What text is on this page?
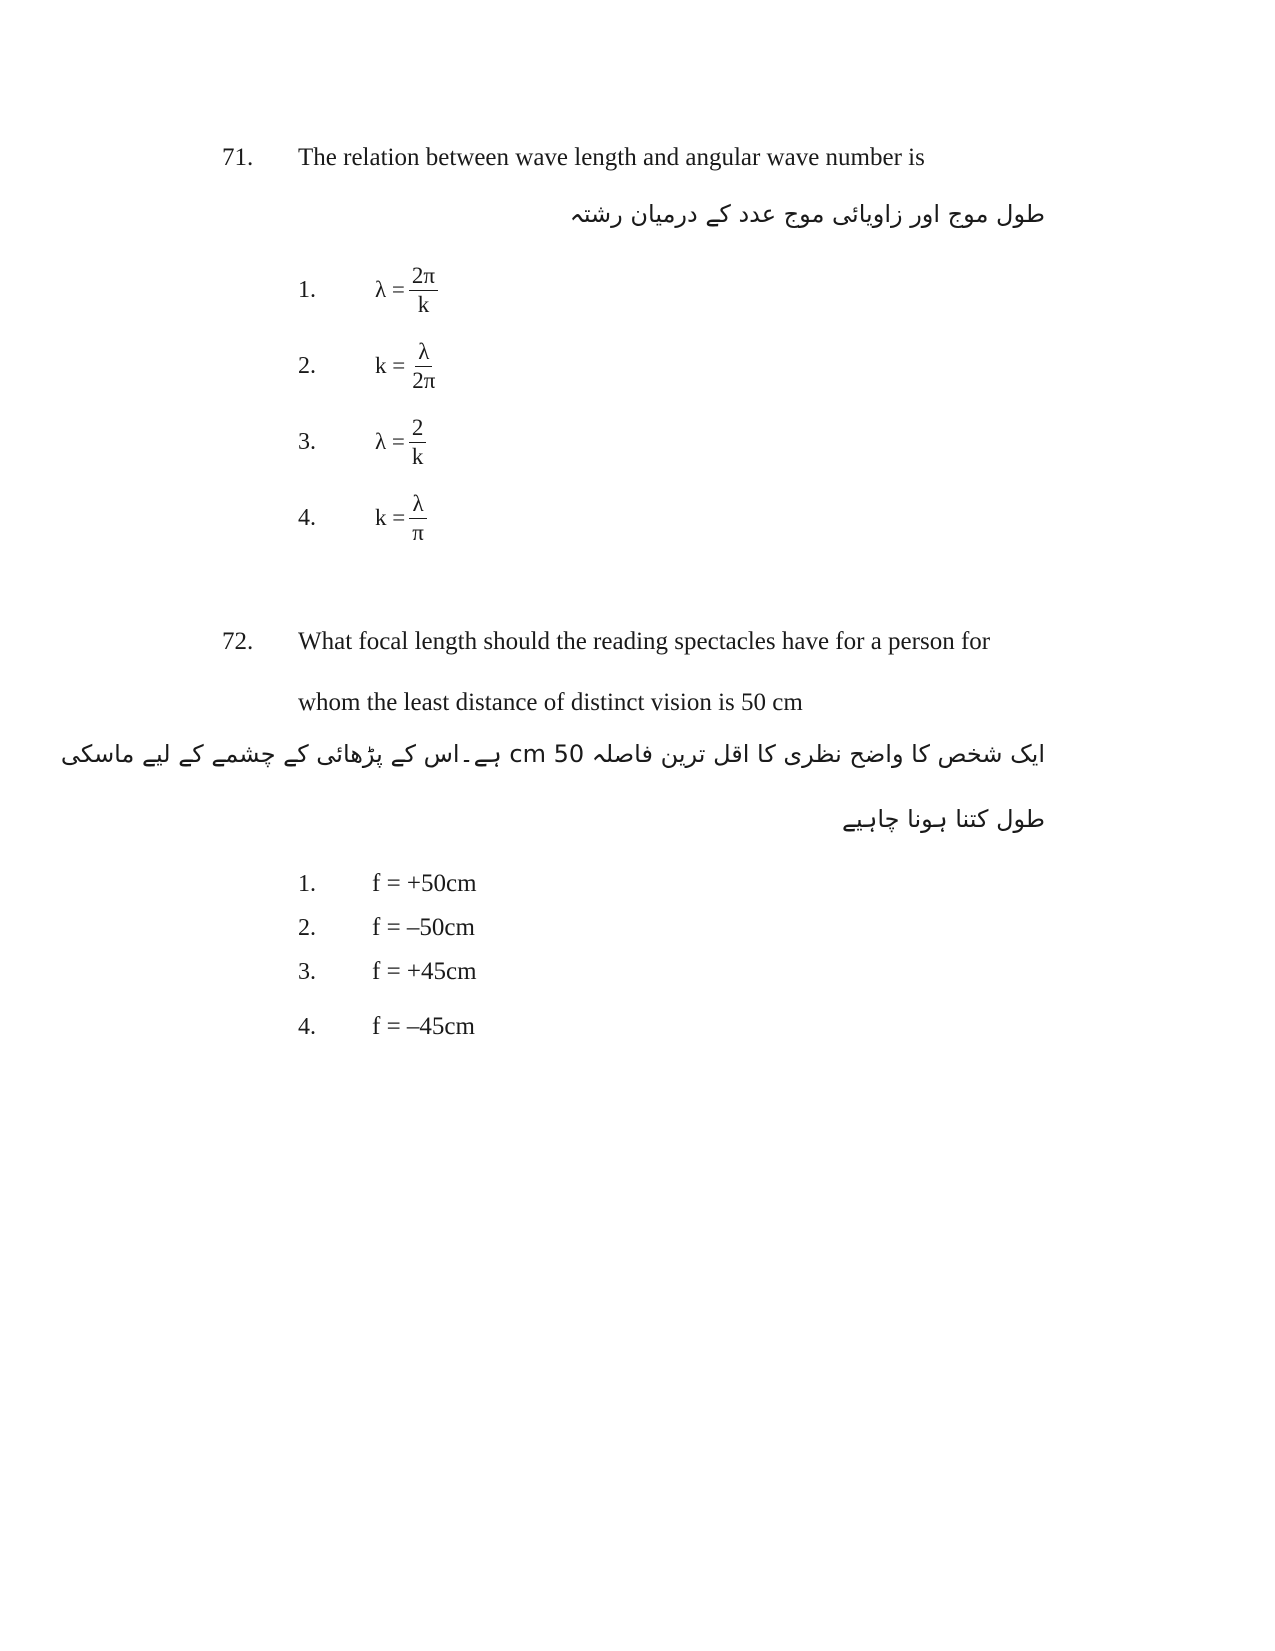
71. The relation between wave length and angular wave number is
طول موج اور زاویائی موج عدد کے درمیان رشتہ
1.	$\lambda = \frac{2\pi}{k}$
2.	$k = \frac{\lambda}{2\pi}$
3.	$\lambda = \frac{2}{k}$
4.	$k = \frac{\lambda}{\pi}$
72. What focal length should the reading spectacles have for a person for
whom the least distance of distinct vision is 50 cm
ایک شخص کا واضح نظری کا اقل ترین فاصلہ 50 cm ہے۔اس کے پڑھائی کے چشمے کے لیے ماسکی
طول کتنا ہونا چاہیے
1. f = +50cm
2. f = –50cm
3. f = +45cm
4. f = –45cm
